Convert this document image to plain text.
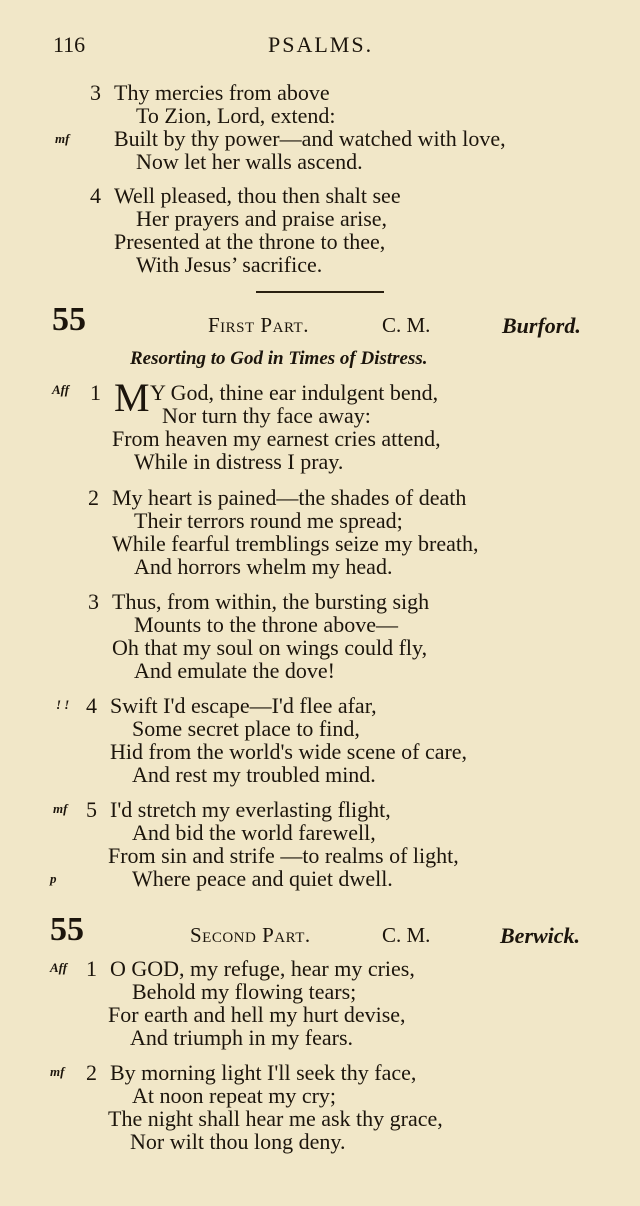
116	PSALMS.
3 Thy mercies from above
To Zion, Lord, extend:
mf Built by thy power—and watched with love,
Now let her walls ascend.
4 Well pleased, thou then shalt see
Her prayers and praise arise,
Presented at the throne to thee,
With Jesus’ sacrifice.
55	First Part.	C. M.	Burford.
Resorting to God in Times of Distress.
Aff 1 M Y God, thine ear indulgent bend,
Nor turn thy face away:
From heaven my earnest cries attend,
While in distress I pray.
2 My heart is pained—the shades of death
Their terrors round me spread;
While fearful tremblings seize my breath,
And horrors whelm my head.
3 Thus, from within, the bursting sigh
Mounts to the throne above—
Oh that my soul on wings could fly,
And emulate the dove!
! ! 4 Swift I'd escape—I'd flee afar,
Some secret place to find,
Hid from the world's wide scene of care,
And rest my troubled mind.
mf 5 I'd stretch my everlasting flight,
And bid the world farewell,
From sin and strife —to realms of light,
p	Where peace and quiet dwell.
55	Second Part.	C. M.	Berwick.
Aff 1 O GOD, my refuge, hear my cries,
Behold my flowing tears;
For earth and hell my hurt devise,
And triumph in my fears.
mf 2 By morning light I'll seek thy face,
At noon repeat my cry;
The night shall hear me ask thy grace,
Nor wilt thou long deny.
